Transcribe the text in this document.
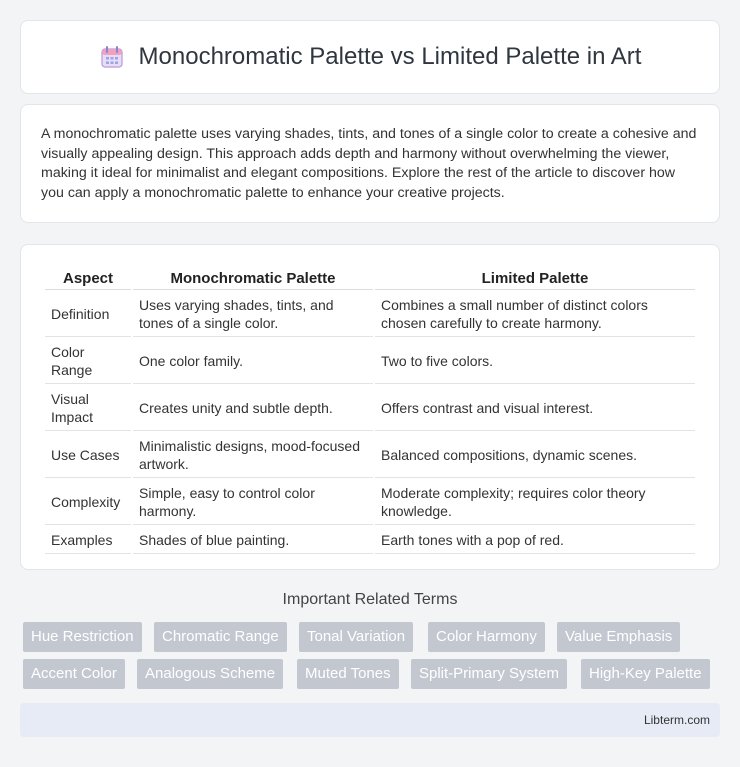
Monochromatic Palette vs Limited Palette in Art

A monochromatic palette uses varying shades, tints, and tones of a single color to create a cohesive and visually appealing design. This approach adds depth and harmony without overwhelming the viewer, making it ideal for minimalist and elegant compositions. Explore the rest of the article to discover how you can apply a monochromatic palette to enhance your creative projects.

Aspect	Monochromatic Palette	Limited Palette
Definition	Uses varying shades, tints, and tones of a single color.	Combines a small number of distinct colors chosen carefully to create harmony.
Color Range	One color family.	Two to five colors.
Visual Impact	Creates unity and subtle depth.	Offers contrast and visual interest.
Use Cases	Minimalistic designs, mood-focused artwork.	Balanced compositions, dynamic scenes.
Complexity	Simple, easy to control color harmony.	Moderate complexity; requires color theory knowledge.
Examples	Shades of blue painting.	Earth tones with a pop of red.
Important Related Terms
Hue Restriction	Chromatic Range	Tonal Variation	Color Harmony	Value Emphasis
Accent Color	Analogous Scheme	Muted Tones	Split-Primary System	High-Key Palette
Libterm.com
